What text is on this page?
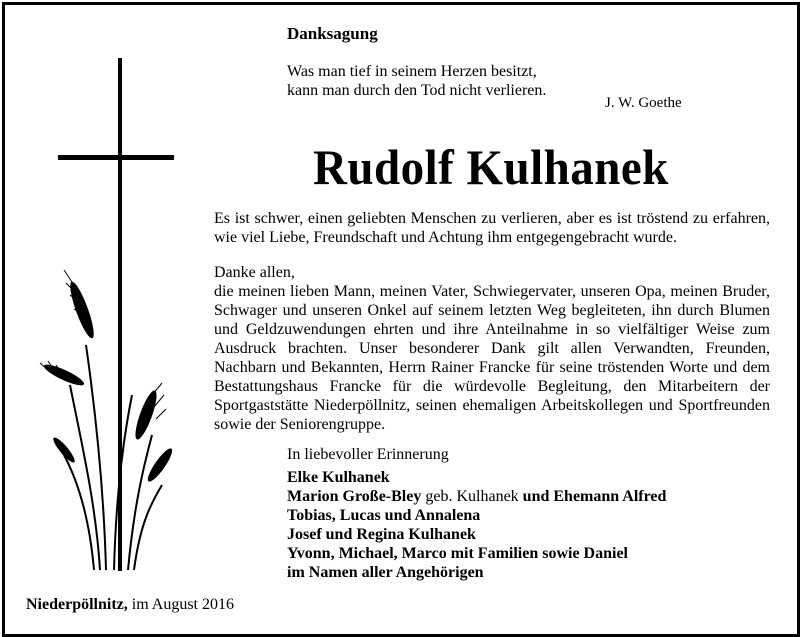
Danksagung
Was man tief in seinem Herzen besitzt,
kann man durch den Tod nicht verlieren.
J. W. Goethe
Rudolf Kulhanek
Es ist schwer, einen geliebten Menschen zu verlieren, aber es ist tröstend zu erfahren, wie viel Liebe, Freundschaft und Achtung ihm entgegengebracht wurde.

Danke allen,

die meinen lieben Mann, meinen Vater, Schwiegervater, unseren Opa, meinen Bruder, Schwager und unseren Onkel auf seinem letzten Weg begleiteten, ihn durch Blumen und Geldzuwendungen ehrten und ihre Anteilnahme in so vielfältiger Weise zum Ausdruck brachten. Unser besonderer Dank gilt allen Verwandten, Freunden, Nachbarn und Bekannten, Herrn Rainer Francke für seine tröstenden Worte und dem Bestattungshaus Francke für die würdevolle Begleitung, den Mitarbeitern der Sportgaststätte Niederpöllnitz, seinen ehemaligen Arbeitskollegen und Sportfreunden sowie der Seniorengruppe.

In liebevoller Erinnerung
Elke Kulhanek
Marion Große-Bley geb. Kulhanek und Ehemann Alfred
Tobias, Lucas und Annalena
Josef und Regina Kulhanek
Yvonn, Michael, Marco mit Familien sowie Daniel
im Namen aller Angehörigen
Niederpöllnitz, im August 2016
